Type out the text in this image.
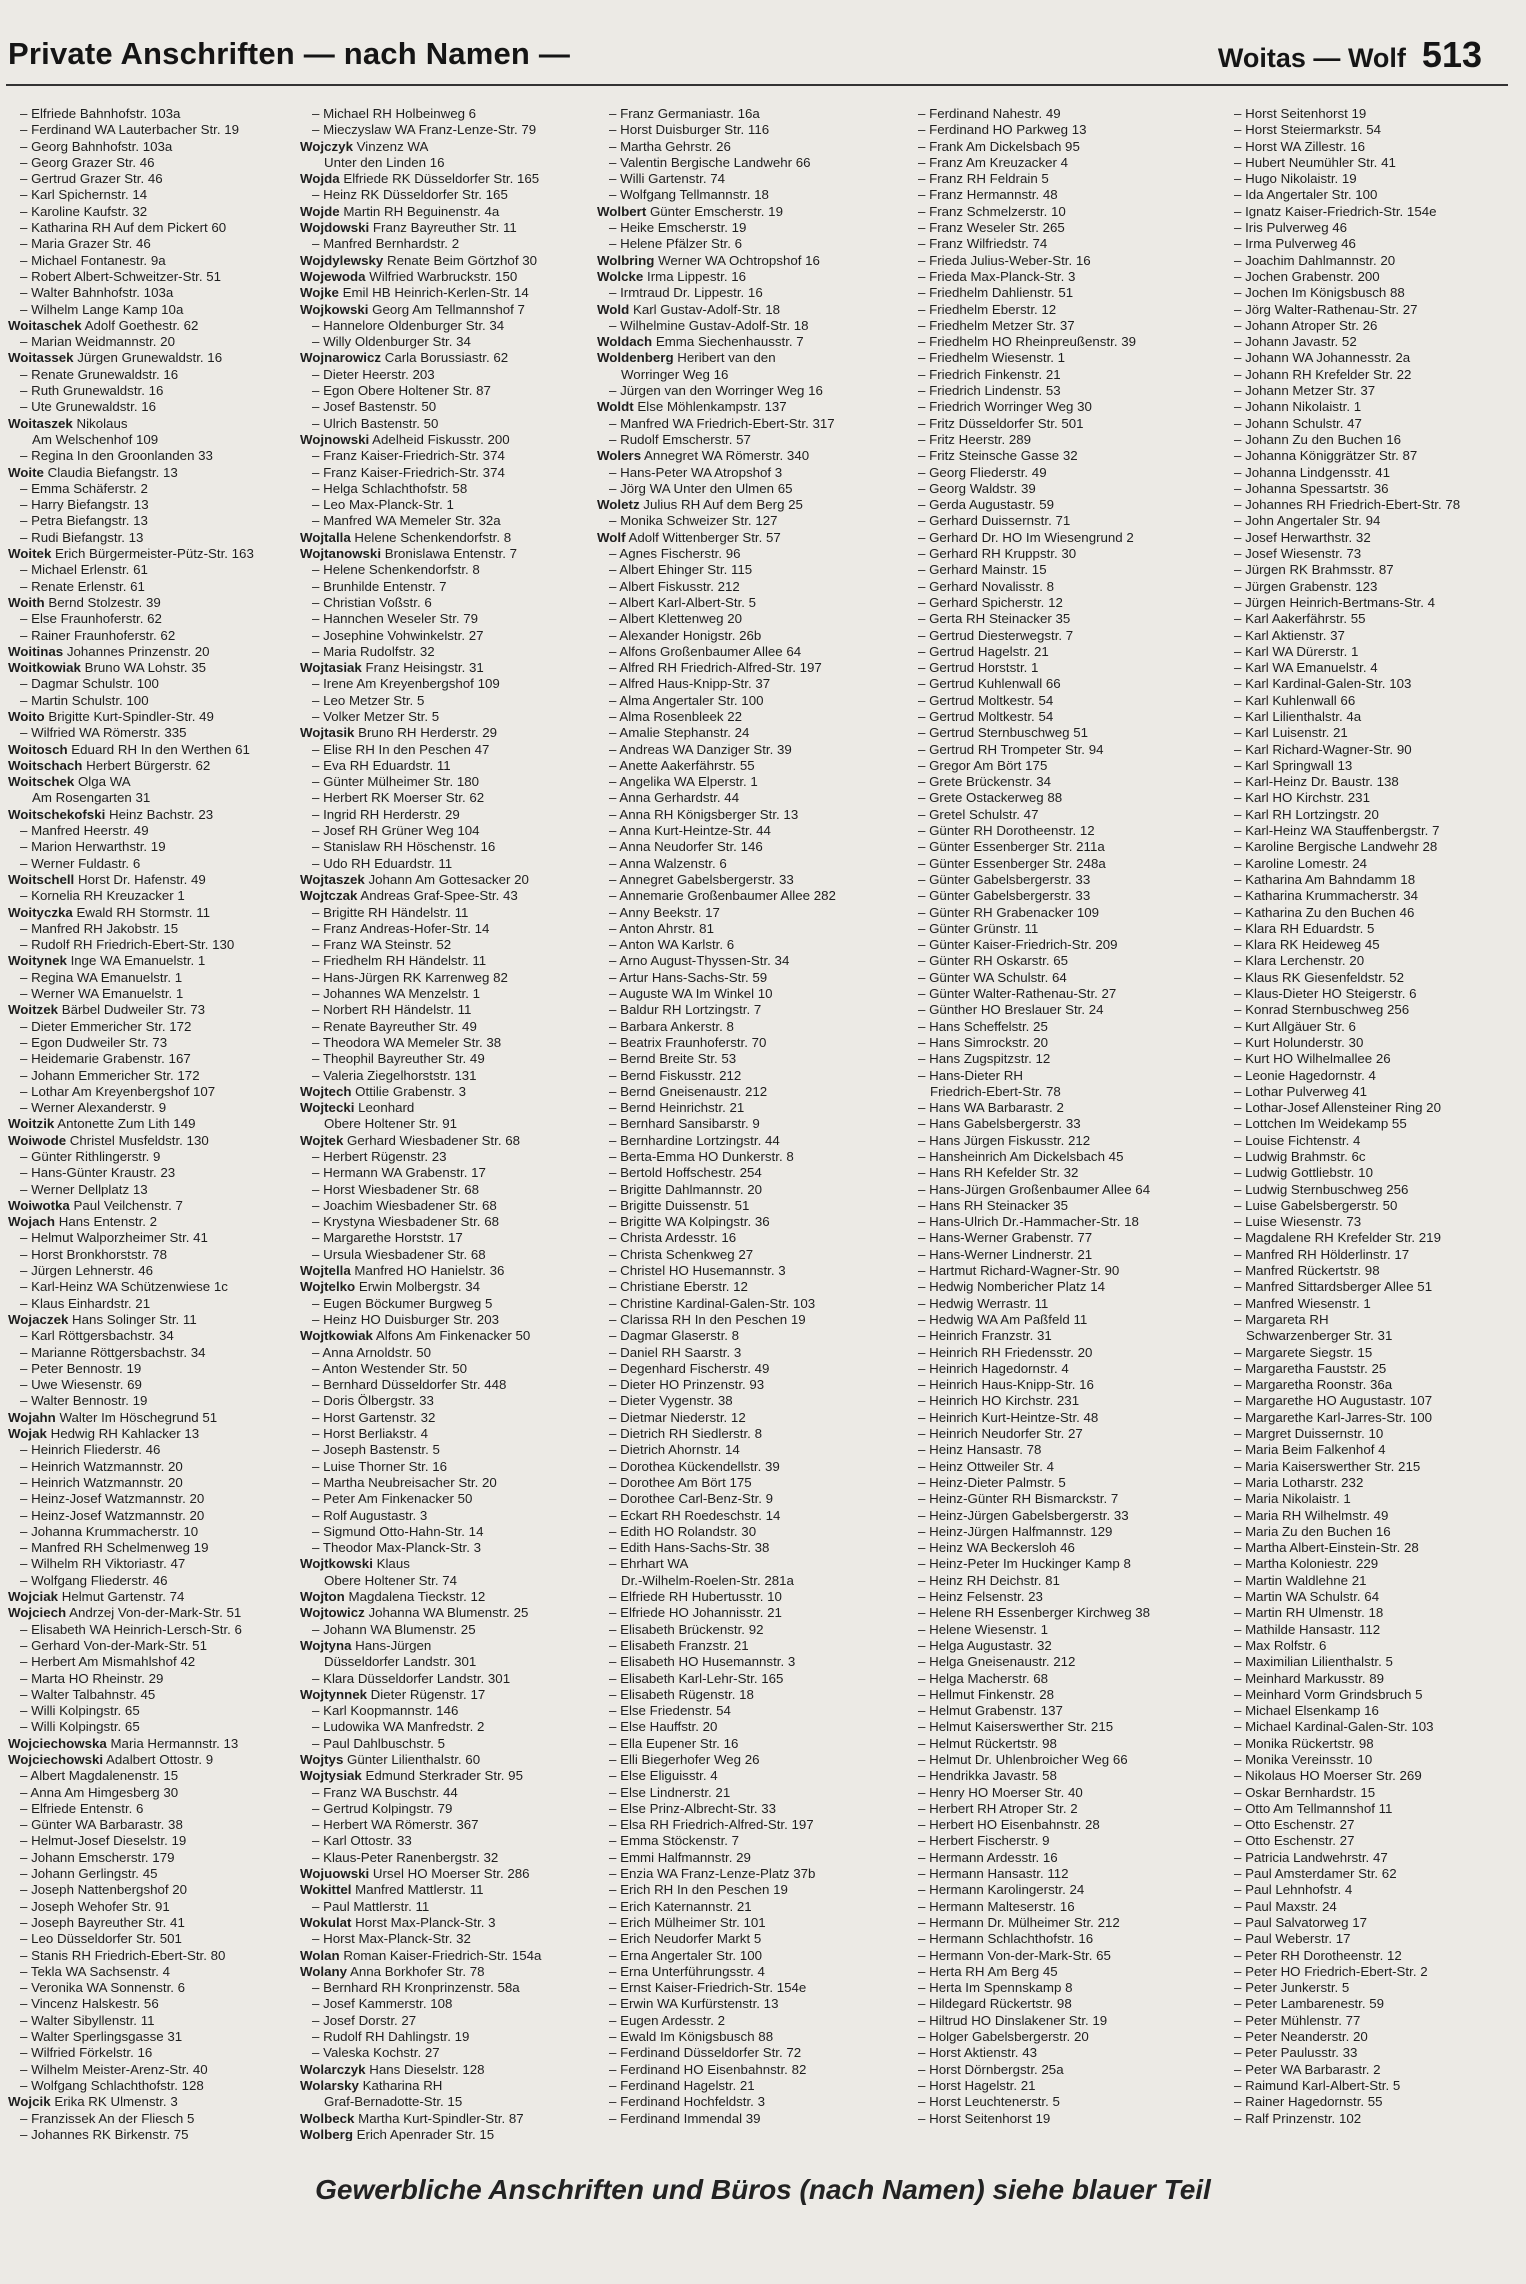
Private Anschriften — nach Namen —	Woitas — Wolf 513
– Elfriede Bahnhofstr. 103a
– Ferdinand WA Lauterbacher Str. 19
– Georg Bahnhofstr. 103a
– Georg Grazer Str. 46
– Gertrud Grazer Str. 46
– Karl Spichernstr. 14
– Karoline Kaufstr. 32
– Katharina RH Auf dem Pickert 60
– Maria Grazer Str. 46
– Michael Fontanestr. 9a
– Robert Albert-Schweitzer-Str. 51
– Walter Bahnhofstr. 103a
– Wilhelm Lange Kamp 10a
Woitaschek Adolf Goethestr. 62
– Marian Weidmannstr. 20
Woitassek Jürgen Grunewaldstr. 16
– Renate Grunewaldstr. 16
– Ruth Grunewaldstr. 16
– Ute Grunewaldstr. 16
Woitaszek Nikolaus
Am Welschenhof 109
– Regina In den Groonlanden 33
Woite Claudia Biefangstr. 13
– Emma Schäferstr. 2
– Harry Biefangstr. 13
– Petra Biefangstr. 13
– Rudi Biefangstr. 13
Woitek Erich Bürgermeister-Pütz-Str. 163
– Michael Erlenstr. 61
– Renate Erlenstr. 61
Woith Bernd Stolzestr. 39
– Else Fraunhoferstr. 62
– Rainer Fraunhoferstr. 62
Woitinas Johannes Prinzenstr. 20
Woitkowiak Bruno WA Lohstr. 35
– Dagmar Schulstr. 100
– Martin Schulstr. 100
Woito Brigitte Kurt-Spindler-Str. 49
– Wilfried WA Römerstr. 335
Woitosch Eduard RH In den Werthen 61
Woitschach Herbert Bürgerstr. 62
Woitschek Olga WA
Am Rosengarten 31
Woitschekofski Heinz Bachstr. 23
– Manfred Heerstr. 49
– Marion Herwarthstr. 19
– Werner Fuldastr. 6
Woitschell Horst Dr. Hafenstr. 49
– Kornelia RH Kreuzacker 1
Woityczka Ewald RH Stormstr. 11
– Manfred RH Jakobstr. 15
– Rudolf RH Friedrich-Ebert-Str. 130
Woitynek Inge WA Emanuelstr. 1
– Regina WA Emanuelstr. 1
– Werner WA Emanuelstr. 1
Woitzek Bärbel Dudweiler Str. 73
– Dieter Emmericher Str. 172
– Egon Dudweiler Str. 73
– Heidemarie Grabenstr. 167
– Johann Emmericher Str. 172
– Lothar Am Kreyenbergshof 107
– Werner Alexanderstr. 9
Woitzik Antonette Zum Lith 149
Woiwode Christel Musfeldstr. 130
– Günter Rithlingerstr. 9
– Hans-Günter Kraustr. 23
– Werner Dellplatz 13
Woiwotka Paul Veilchenstr. 7
Wojach Hans Entenstr. 2
– Helmut Walporzheimer Str. 41
– Horst Bronkhorststr. 78
– Jürgen Lehnerstr. 46
– Karl-Heinz WA Schützenwiese 1c
– Klaus Einhardstr. 21
Wojaczek Hans Solinger Str. 11
– Karl Röttgersbachstr. 34
– Marianne Röttgersbachstr. 34
– Peter Bennostr. 19
– Uwe Wiesenstr. 69
– Walter Bennostr. 19
Wojahn Walter Im Höschegrund 51
Wojak Hedwig RH Kahlacker 13
– Heinrich Fliederstr. 46
– Heinrich Watzmannstr. 20
– Heinrich Watzmannstr. 20
– Heinz-Josef Watzmannstr. 20
– Heinz-Josef Watzmannstr. 20
– Johanna Krummacherstr. 10
– Manfred RH Schelmenweg 19
– Wilhelm RH Viktoriastr. 47
– Wolfgang Fliederstr. 46
Wojciak Helmut Gartenstr. 74
Wojciech Andrzej Von-der-Mark-Str. 51
– Elisabeth WA Heinrich-Lersch-Str. 6
– Gerhard Von-der-Mark-Str. 51
– Herbert Am Mismahlshof 42
– Marta HO Rheinstr. 29
– Walter Talbahnstr. 45
– Willi Kolpingstr. 65
– Willi Kolpingstr. 65
Wojciechowska Maria Hermannstr. 13
Wojciechowski Adalbert Ottostr. 9
– Albert Magdalenenstr. 15
– Anna Am Himgesberg 30
– Elfriede Entenstr. 6
– Günter WA Barbarastr. 38
– Helmut-Josef Dieselstr. 19
– Johann Emscherstr. 179
– Johann Gerlingstr. 45
– Joseph Nattenbergshof 20
– Joseph Wehofer Str. 91
– Joseph Bayreuther Str. 41
– Leo Düsseldorfer Str. 501
– Stanis RH Friedrich-Ebert-Str. 80
– Tekla WA Sachsenstr. 4
– Veronika WA Sonnenstr. 6
– Vincenz Halskestr. 56
– Walter Sibyllenstr. 11
– Walter Sperlingsgasse 31
– Wilfried Förkelstr. 16
– Wilhelm Meister-Arenz-Str. 40
– Wolfgang Schlachthofstr. 128
Wojcik Erika RK Ulmenstr. 3
– Franzissek An der Fliesch 5
– Johannes RK Birkenstr. 75
– Michael RH Holbeinweg 6
– Mieczyslaw WA Franz-Lenze-Str. 79
Wojczyk Vinzenz WA
Unter den Linden 16
Wojda Elfriede RK Düsseldorfer Str. 165
– Heinz RK Düsseldorfer Str. 165
Wojde Martin RH Beguinenstr. 4a
Wojdowski Franz Bayreuther Str. 11
– Manfred Bernhardstr. 2
Wojdylewsky Renate Beim Görtzhof 30
Wojewoda Wilfried Warbruckstr. 150
Wojke Emil HB Heinrich-Kerlen-Str. 14
Wojkowski Georg Am Tellmannshof 7
– Hannelore Oldenburger Str. 34
– Willy Oldenburger Str. 34
Wojnarowicz Carla Borussiastr. 62
– Dieter Heerstr. 203
– Egon Obere Holtener Str. 87
– Josef Bastenstr. 50
– Ulrich Bastenstr. 50
Wojnowski Adelheid Fiskusstr. 200
– Franz Kaiser-Friedrich-Str. 374
– Franz Kaiser-Friedrich-Str. 374
– Helga Schlachthofstr. 58
– Leo Max-Planck-Str. 1
– Manfred WA Memeler Str. 32a
Wojtalla Helene Schenkendorfstr. 8
Wojtanowski Bronislawa Entenstr. 7
– Helene Schenkendorfstr. 8
– Brunhilde Entenstr. 7
– Christian Voßstr. 6
– Hannchen Weseler Str. 79
– Josephine Vohwinkelstr. 27
– Maria Rudolfstr. 32
Wojtasiak Franz Heisingstr. 31
– Irene Am Kreyenbergshof 109
– Leo Metzer Str. 5
– Volker Metzer Str. 5
Wojtasik Bruno RH Herderstr. 29
– Elise RH In den Peschen 47
– Eva RH Eduardstr. 11
– Günter Mülheimer Str. 180
– Herbert RK Moerser Str. 62
– Ingrid RH Herderstr. 29
– Josef RH Grüner Weg 104
– Stanislaw RH Höschenstr. 16
– Udo RH Eduardstr. 11
Wojtaszek Johann Am Gottesacker 20
Wojtczak Andreas Graf-Spee-Str. 43
– Brigitte RH Händelstr. 11
– Franz Andreas-Hofer-Str. 14
– Franz WA Steinstr. 52
– Friedhelm RH Händelstr. 11
– Hans-Jürgen RK Karrenweg 82
– Johannes WA Menzelstr. 1
– Norbert RH Händelstr. 11
– Renate Bayreuther Str. 49
– Theodora WA Memeler Str. 38
– Theophil Bayreuther Str. 49
– Valeria Ziegelhorststr. 131
Wojtech Ottilie Grabenstr. 3
Wojtecki Leonhard
Obere Holtener Str. 91
Wojtek Gerhard Wiesbadener Str. 68
– Herbert Rügenstr. 23
– Hermann WA Grabenstr. 17
– Horst Wiesbadener Str. 68
– Joachim Wiesbadener Str. 68
– Krystyna Wiesbadener Str. 68
– Margarethe Horststr. 17
– Ursula Wiesbadener Str. 68
Wojtella Manfred HO Hanielstr. 36
Wojtelko Erwin Molbergstr. 34
– Eugen Böckumer Burgweg 5
– Heinz HO Duisburger Str. 203
Wojtkowiak Alfons Am Finkenacker 50
– Anna Arnoldstr. 50
– Anton Westender Str. 50
– Bernhard Düsseldorfer Str. 448
– Doris Ölbergstr. 33
– Horst Gartenstr. 32
– Horst Berliakstr. 4
– Joseph Bastenstr. 5
– Luise Thorner Str. 16
– Martha Neubreisacher Str. 20
– Peter Am Finkenacker 50
– Rolf Augustastr. 3
– Sigmund Otto-Hahn-Str. 14
– Theodor Max-Planck-Str. 3
Wojtkowski Klaus
Obere Holtener Str. 74
Wojton Magdalena Tieckstr. 12
Wojtowicz Johanna WA Blumenstr. 25
– Johann WA Blumenstr. 25
Wojtyna Hans-Jürgen
Düsseldorfer Landstr. 301
– Klara Düsseldorfer Landstr. 301
Wojtynnek Dieter Rügenstr. 17
– Karl Koopmannstr. 146
– Ludowika WA Manfredstr. 2
– Paul Dahlbuschstr. 5
Wojtys Günter Lilienthalstr. 60
Wojtysiak Edmund Sterkrader Str. 95
– Franz WA Buschstr. 44
– Gertrud Kolpingstr. 79
– Herbert WA Römerstr. 367
– Karl Ottostr. 33
– Klaus-Peter Ranenbergstr. 32
Wojuowski Ursel HO Moerser Str. 286
Wokittel Manfred Mattlerstr. 11
– Paul Mattlerstr. 11
Wokulat Horst Max-Planck-Str. 3
– Horst Max-Planck-Str. 32
Wolan Roman Kaiser-Friedrich-Str. 154a
Wolany Anna Borkhofer Str. 78
– Bernhard RH Kronprinzenstr. 58a
– Josef Kammerstr. 108
– Josef Dorstr. 27
– Rudolf RH Dahlingstr. 19
– Valeska Kochstr. 27
Wolarczyk Hans Dieselstr. 128
Wolarsky Katharina RH
Graf-Bernadotte-Str. 15
Wolbeck Martha Kurt-Spindler-Str. 87
Wolberg Erich Apenrader Str. 15
– Franz Germaniastr. 16a
– Horst Duisburger Str. 116
– Martha Gehrstr. 26
– Valentin Bergische Landwehr 66
– Willi Gartenstr. 74
– Wolfgang Tellmannstr. 18
Wolbert Günter Emscherstr. 19
– Heike Emscherstr. 19
– Helene Pfälzer Str. 6
Wolbring Werner WA Ochtropshof 16
Wolcke Irma Lippestr. 16
– Irmtraud Dr. Lippestr. 16
Wold Karl Gustav-Adolf-Str. 18
– Wilhelmine Gustav-Adolf-Str. 18
Woldach Emma Siechenhausstr. 7
Woldenberg Heribert van den
Worringer Weg 16
– Jürgen van den Worringer Weg 16
Woldt Else Möhlenkampstr. 137
– Manfred WA Friedrich-Ebert-Str. 317
– Rudolf Emscherstr. 57
Wolers Annegret WA Römerstr. 340
– Hans-Peter WA Atropshof 3
– Jörg WA Unter den Ulmen 65
Woletz Julius RH Auf dem Berg 25
– Monika Schweizer Str. 127
Wolf Adolf Wittenberger Str. 57
– Agnes Fischerstr. 96
– Albert Ehinger Str. 115
– Albert Fiskusstr. 212
– Albert Karl-Albert-Str. 5
– Albert Klettenweg 20
– Alexander Honigstr. 26b
– Alfons Großenbaumer Allee 64
– Alfred RH Friedrich-Alfred-Str. 197
– Alfred Haus-Knipp-Str. 37
– Alma Angertaler Str. 100
– Alma Rosenbleek 22
– Amalie Stephanstr. 24
– Andreas WA Danziger Str. 39
– Anette Aakerfährstr. 55
– Angelika WA Elperstr. 1
– Anna Gerhardstr. 44
– Anna RH Königsberger Str. 13
– Anna Kurt-Heintze-Str. 44
– Anna Neudorfer Str. 146
– Anna Walzenstr. 6
– Annegret Gabelsbergerstr. 33
– Annemarie Großenbaumer Allee 282
– Anny Beekstr. 17
– Anton Ahrstr. 81
– Anton WA Karlstr. 6
– Arno August-Thyssen-Str. 34
– Artur Hans-Sachs-Str. 59
– Auguste WA Im Winkel 10
– Baldur RH Lortzingstr. 7
– Barbara Ankerstr. 8
– Beatrix Fraunhoferstr. 70
– Bernd Breite Str. 53
– Bernd Fiskusstr. 212
– Bernd Gneisenaustr. 212
– Bernd Heinrichstr. 21
– Bernhard Sansibarstr. 9
– Bernhardine Lortzingstr. 44
– Berta-Emma HO Dunkerstr. 8
– Bertold Hoffschestr. 254
– Brigitte Dahlmannstr. 20
– Brigitte Duissenstr. 51
– Brigitte WA Kolpingstr. 36
– Christa Ardesstr. 16
– Christa Schenkweg 27
– Christel HO Husemannstr. 3
– Christiane Eberstr. 12
– Christine Kardinal-Galen-Str. 103
– Clarissa RH In den Peschen 19
– Dagmar Glaserstr. 8
– Daniel RH Saarstr. 3
– Degenhard Fischerstr. 49
– Dieter HO Prinzenstr. 93
– Dieter Vygenstr. 38
– Dietmar Niederstr. 12
– Dietrich RH Siedlerstr. 8
– Dietrich Ahornstr. 14
– Dorothea Kückendellstr. 39
– Dorothee Am Bört 175
– Dorothee Carl-Benz-Str. 9
– Eckart RH Roedeschstr. 14
– Edith HO Rolandstr. 30
– Edith Hans-Sachs-Str. 38
– Ehrhart WA
Dr.-Wilhelm-Roelen-Str. 281a
– Elfriede RH Hubertusstr. 10
– Elfriede HO Johannisstr. 21
– Elisabeth Brückenstr. 92
– Elisabeth Franzstr. 21
– Elisabeth HO Husemannstr. 3
– Elisabeth Karl-Lehr-Str. 165
– Elisabeth Rügenstr. 18
– Else Friedenstr. 54
– Else Hauffstr. 20
– Ella Eupener Str. 16
– Elli Biegerhofer Weg 26
– Else Eliguisstr. 4
– Else Lindnerstr. 21
– Else Prinz-Albrecht-Str. 33
– Elsa RH Friedrich-Alfred-Str. 197
– Emma Stöckenstr. 7
– Emmi Halfmannstr. 29
– Enzia WA Franz-Lenze-Platz 37b
– Erich RH In den Peschen 19
– Erich Katernannstr. 21
– Erich Mülheimer Str. 101
– Erich Neudorfer Markt 5
– Erna Angertaler Str. 100
– Erna Unterführungsstr. 4
– Ernst Kaiser-Friedrich-Str. 154e
– Erwin WA Kurfürstenstr. 13
– Eugen Ardesstr. 2
– Ewald Im Königsbusch 88
– Ferdinand Düsseldorfer Str. 72
– Ferdinand HO Eisenbahnstr. 82
– Ferdinand Hagelstr. 21
– Ferdinand Hochfeldstr. 3
– Ferdinand Immendal 39
– Ferdinand Nahestr. 49
– Ferdinand HO Parkweg 13
– Frank Am Dickelsbach 95
– Franz Am Kreuzacker 4
– Franz RH Feldrain 5
– Franz Hermannstr. 48
– Franz Schmelzerstr. 10
– Franz Weseler Str. 265
– Franz Wilfriedstr. 74
– Frieda Julius-Weber-Str. 16
– Frieda Max-Planck-Str. 3
– Friedhelm Dahlienstr. 51
– Friedhelm Eberstr. 12
– Friedhelm Metzer Str. 37
– Friedhelm HO Rheinpreußenstr. 39
– Friedhelm Wiesenstr. 1
– Friedrich Finkenstr. 21
– Friedrich Lindenstr. 53
– Friedrich Worringer Weg 30
– Fritz Düsseldorfer Str. 501
– Fritz Heerstr. 289
– Fritz Steinsche Gasse 32
– Georg Fliederstr. 49
– Georg Waldstr. 39
– Gerda Augustastr. 59
– Gerhard Duissernstr. 71
– Gerhard Dr. HO Im Wiesengrund 2
– Gerhard RH Kruppstr. 30
– Gerhard Mainstr. 15
– Gerhard Novalisstr. 8
– Gerhard Spicherstr. 12
– Gerta RH Steinacker 35
– Gertrud Diesterwegstr. 7
– Gertrud Hagelstr. 21
– Gertrud Horststr. 1
– Gertrud Kuhlenwall 66
– Gertrud Moltkestr. 54
– Gertrud Moltkestr. 54
– Gertrud Sternbuschweg 51
– Gertrud RH Trompeter Str. 94
– Gregor Am Bört 175
– Grete Brückenstr. 34
– Grete Ostackerweg 88
– Gretel Schulstr. 47
– Günter RH Dorotheenstr. 12
– Günter Essenberger Str. 211a
– Günter Essenberger Str. 248a
– Günter Gabelsbergerstr. 33
– Günter Gabelsbergerstr. 33
– Günter RH Grabenacker 109
– Günter Grünstr. 11
– Günter Kaiser-Friedrich-Str. 209
– Günter RH Oskarstr. 65
– Günter WA Schulstr. 64
– Günter Walter-Rathenau-Str. 27
– Günther HO Breslauer Str. 24
– Hans Scheffelstr. 25
– Hans Simrockstr. 20
– Hans Zugspitzstr. 12
– Hans-Dieter RH
Friedrich-Ebert-Str. 78
– Hans WA Barbarastr. 2
– Hans Gabelsbergerstr. 33
– Hans Jürgen Fiskusstr. 212
– Hansheinrich Am Dickelsbach 45
– Hans RH Kefelder Str. 32
– Hans-Jürgen Großenbaumer Allee 64
– Hans RH Steinacker 35
– Hans-Ulrich Dr.-Hammacher-Str. 18
– Hans-Werner Grabenstr. 77
– Hans-Werner Lindnerstr. 21
– Hartmut Richard-Wagner-Str. 90
– Hedwig Nombericher Platz 14
– Hedwig Werrastr. 11
– Hedwig WA Am Paßfeld 11
– Heinrich Franzstr. 31
– Heinrich RH Friedensstr. 20
– Heinrich Hagedornstr. 4
– Heinrich Haus-Knipp-Str. 16
– Heinrich HO Kirchstr. 231
– Heinrich Kurt-Heintze-Str. 48
– Heinrich Neudorfer Str. 27
– Heinz Hansastr. 78
– Heinz Ottweiler Str. 4
– Heinz-Dieter Palmstr. 5
– Heinz-Günter RH Bismarckstr. 7
– Heinz-Jürgen Gabelsbergerstr. 33
– Heinz-Jürgen Halfmannstr. 129
– Heinz WA Beckersloh 46
– Heinz-Peter Im Huckinger Kamp 8
– Heinz RH Deichstr. 81
– Heinz Felsenstr. 23
– Helene RH Essenberger Kirchweg 38
– Helene Wiesenstr. 1
– Helga Augustastr. 32
– Helga Gneisenaustr. 212
– Helga Macherstr. 68
– Hellmut Finkenstr. 28
– Helmut Grabenstr. 137
– Helmut Kaiserswerther Str. 215
– Helmut Rückertstr. 98
– Helmut Dr. Uhlenbroicher Weg 66
– Hendrikka Javastr. 58
– Henry HO Moerser Str. 40
– Herbert RH Atroper Str. 2
– Herbert HO Eisenbahnstr. 28
– Herbert Fischerstr. 9
– Hermann Ardesstr. 16
– Hermann Hansastr. 112
– Hermann Karolingerstr. 24
– Hermann Malteserstr. 16
– Hermann Dr. Mülheimer Str. 212
– Hermann Schlachthofstr. 16
– Hermann Von-der-Mark-Str. 65
– Herta RH Am Berg 45
– Herta Im Spennskamp 8
– Hildegard Rückertstr. 98
– Hiltrud HO Dinslakener Str. 19
– Holger Gabelsbergerstr. 20
– Horst Aktienstr. 43
– Horst Dörnbergstr. 25a
– Horst Hagelstr. 21
– Horst Leuchtenerstr. 5
– Horst Seitenhorst 19
– Horst Seitenhorst 19
– Horst Steiermarkstr. 54
– Horst WA Zillestr. 16
– Hubert Neumühler Str. 41
– Hugo Nikolaistr. 19
– Ida Angertaler Str. 100
– Ignatz Kaiser-Friedrich-Str. 154e
– Iris Pulverweg 46
– Irma Pulverweg 46
– Joachim Dahlmannstr. 20
– Jochen Grabenstr. 200
– Jochen Im Königsbusch 88
– Jörg Walter-Rathenau-Str. 27
– Johann Atroper Str. 26
– Johann Javastr. 52
– Johann WA Johannesstr. 2a
– Johann RH Krefelder Str. 22
– Johann Metzer Str. 37
– Johann Nikolaistr. 1
– Johann Schulstr. 47
– Johann Zu den Buchen 16
– Johanna Königgrätzer Str. 87
– Johanna Lindgensstr. 41
– Johanna Spessartstr. 36
– Johannes RH Friedrich-Ebert-Str. 78
– John Angertaler Str. 94
– Josef Herwarthstr. 32
– Josef Wiesenstr. 73
– Jürgen RK Brahmsstr. 87
– Jürgen Grabenstr. 123
– Jürgen Heinrich-Bertmans-Str. 4
– Karl Aakerfährstr. 55
– Karl Aktienstr. 37
– Karl WA Dürerstr. 1
– Karl WA Emanuelstr. 4
– Karl Kardinal-Galen-Str. 103
– Karl Kuhlenwall 66
– Karl Lilienthalstr. 4a
– Karl Luisenstr. 21
– Karl Richard-Wagner-Str. 90
– Karl Springwall 13
– Karl-Heinz Dr. Baustr. 138
– Karl HO Kirchstr. 231
– Karl RH Lortzingstr. 20
– Karl-Heinz WA Stauffenbergstr. 7
– Karoline Bergische Landwehr 28
– Karoline Lomestr. 24
– Katharina Am Bahndamm 18
– Katharina Krummacherstr. 34
– Katharina Zu den Buchen 46
– Klara RH Eduardstr. 5
– Klara RK Heideweg 45
– Klara Lerchenstr. 20
– Klaus RK Giesenfeldstr. 52
– Klaus-Dieter HO Steigerstr. 6
– Konrad Sternbuschweg 256
– Kurt Allgäuer Str. 6
– Kurt Holunderstr. 30
– Kurt HO Wilhelmallee 26
– Leonie Hagedornstr. 4
– Lothar Pulverweg 41
– Lothar-Josef Allensteiner Ring 20
– Lottchen Im Weidekamp 55
– Louise Fichtenstr. 4
– Ludwig Brahmstr. 6c
– Ludwig Gottliebstr. 10
– Ludwig Sternbuschweg 256
– Luise Gabelsbergerstr. 50
– Luise Wiesenstr. 73
– Magdalene RH Krefelder Str. 219
– Manfred RH Hölderlinstr. 17
– Manfred Rückertstr. 98
– Manfred Sittardsberger Allee 51
– Manfred Wiesenstr. 1
– Margareta RH
Schwarzenberger Str. 31
– Margarete Siegstr. 15
– Margaretha Fauststr. 25
– Margaretha Roonstr. 36a
– Margarethe HO Augustastr. 107
– Margarethe Karl-Jarres-Str. 100
– Margret Duissernstr. 10
– Maria Beim Falkenhof 4
– Maria Kaiserswerther Str. 215
– Maria Lotharstr. 232
– Maria Nikolaistr. 1
– Maria RH Wilhelmstr. 49
– Maria Zu den Buchen 16
– Martha Albert-Einstein-Str. 28
– Martha Koloniestr. 229
– Martin Waldlehne 21
– Martin WA Schulstr. 64
– Martin RH Ulmenstr. 18
– Mathilde Hansastr. 112
– Max Rolfstr. 6
– Maximilian Lilienthalstr. 5
– Meinhard Markusstr. 89
– Meinhard Vorm Grindsbruch 5
– Michael Elsenkamp 16
– Michael Kardinal-Galen-Str. 103
– Monika Rückertstr. 98
– Monika Vereinsstr. 10
– Nikolaus HO Moerser Str. 269
– Oskar Bernhardstr. 15
– Otto Am Tellmannshof 11
– Otto Eschenstr. 27
– Otto Eschenstr. 27
– Patricia Landwehrstr. 47
– Paul Amsterdamer Str. 62
– Paul Lehnhofstr. 4
– Paul Maxstr. 24
– Paul Salvatorweg 17
– Paul Weberstr. 17
– Peter RH Dorotheenstr. 12
– Peter HO Friedrich-Ebert-Str. 2
– Peter Junkerstr. 5
– Peter Lambarenestr. 59
– Peter Mühlenstr. 77
– Peter Neanderstr. 20
– Peter Paulusstr. 33
– Peter WA Barbarastr. 2
– Raimund Karl-Albert-Str. 5
– Rainer Hagedornstr. 55
– Ralf Prinzenstr. 102
Gewerbliche Anschriften und Büros (nach Namen) siehe blauer Teil
